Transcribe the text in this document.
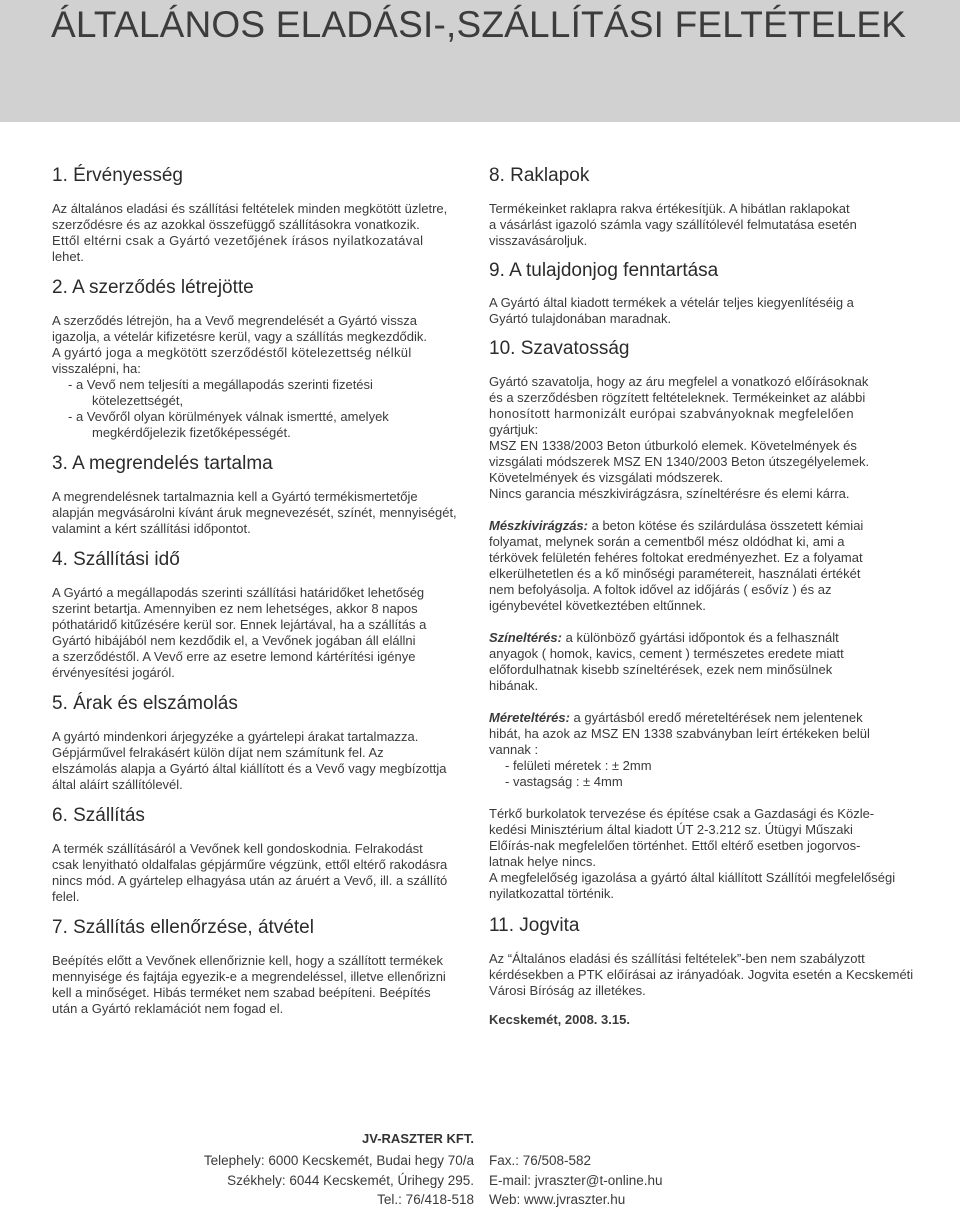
ÁLTALÁNOS ELADÁSI-,SZÁLLÍTÁSI FELTÉTELEK
1. Érvényesség
Az általános eladási és szállítási feltételek minden megkötött üzletre,
szerződésre és az azokkal összefüggő szállításokra vonatkozik.
Ettől eltérni csak a Gyártó vezetőjének írásos nyilatkozatával
lehet.
2. A szerződés létrejötte
A szerződés létrejön, ha a Vevő megrendelését a Gyártó vissza
igazolja, a vételár kifizetésre kerül, vagy a szállítás megkezdődik.
A gyártó joga a megkötött szerződéstől kötelezettség nélkül
visszalépni, ha:
- a Vevő nem teljesíti a megállapodás szerinti fizetési
kötelezettségét,
- a Vevőről olyan körülmények válnak ismertté, amelyek
megkérdőjelezik fizetőképességét.
3. A megrendelés tartalma
A megrendelésnek tartalmaznia kell a Gyártó termékismertetője
alapján megvásárolni kívánt áruk megnevezését, színét, mennyiségét,
valamint a kért szállítási időpontot.
4. Szállítási idő
A Gyártó a megállapodás szerinti szállítási határidőket lehetőség
szerint betartja. Amennyiben ez nem lehetséges, akkor 8 napos
póthatáridő kitűzésére kerül sor. Ennek lejártával, ha a szállítás a
Gyártó hibájából nem kezdődik el, a Vevőnek jogában áll elállni
a szerződéstől. A Vevő erre az esetre lemond kártérítési igénye
érvényesítési jogáról.
5. Árak és elszámolás
A gyártó mindenkori árjegyzéke a gyártelepi árakat tartalmazza.
Gépjárművel felrakásért külön díjat nem számítunk fel. Az
elszámolás alapja a Gyártó által kiállított és a Vevő vagy megbízottja
által aláírt szállítólevél.
6. Szállítás
A termék szállításáról a Vevőnek kell gondoskodnia. Felrakodást
csak lenyitható oldalfalas gépjárműre végzünk, ettől eltérő rakodásra
nincs mód. A gyártelep elhagyása után az áruért a Vevő, ill. a szállító
felel.
7. Szállítás ellenőrzése, átvétel
Beépítés előtt a Vevőnek ellenőriznie kell, hogy a szállított termékek
mennyisége és fajtája egyezik-e a megrendeléssel, illetve ellenőrizni
kell a minőséget. Hibás terméket nem szabad beépíteni. Beépítés
után a Gyártó reklamációt nem fogad el.
8. Raklapok
Termékeinket raklapra rakva értékesítjük. A hibátlan raklapokat
a vásárlást igazoló számla vagy szállítólevél felmutatása esetén
visszavásároljuk.
9. A tulajdonjog fenntartása
A Gyártó által kiadott termékek a vételár teljes kiegyenlítéséig a
Gyártó tulajdonában maradnak.
10. Szavatosság
Gyártó szavatolja, hogy az áru megfelel a vonatkozó előírásoknak
és a szerződésben rögzített feltételeknek. Termékeinket az alábbi
honosított harmonizált európai szabványoknak megfelelően
gyártjuk:
MSZ EN 1338/2003 Beton útburkoló elemek. Követelmények és
vizsgálati módszerek MSZ EN 1340/2003 Beton útszegélyelemek.
Követelmények és vizsgálati módszerek.
Nincs garancia mészkivirágzásra, színeltérésre és elemi kárra.
Mészkivirágzás: a beton kötése és szilárdulása összetett kémiai
folyamat, melynek során a cementből mész oldódhat ki, ami a
térkövek felületén fehéres foltokat eredményezhet. Ez a folyamat
elkerülhetetlen és a kő minőségi paramétereit, használati értékét
nem befolyásolja. A foltok idővel az időjárás ( esővíz ) és az
igénybevétel következtében eltűnnek.
Színeltérés: a különböző gyártási időpontok és a felhasznált
anyagok ( homok, kavics, cement ) természetes eredete miatt
előfordulhatnak kisebb színeltérések, ezek nem minősülnek
hibának.
Méreteltérés: a gyártásból eredő méreteltérések nem jelentenek
hibát, ha azok az MSZ EN 1338 szabványban leírt értékeken belül
vannak :
- felületi méretek : ± 2mm
- vastagság : ± 4mm
Térkő burkolatok tervezése és építése csak a Gazdasági és Közle-
kedési Minisztérium által kiadott ÚT 2-3.212 sz. Útügyi Műszaki
Előírás-nak megfelelően történhet. Ettől eltérő esetben jogorvos-
latnak helye nincs.
A megfelelőség igazolása a gyártó által kiállított Szállítói megfelelőségi
nyilatkozattal történik.
11. Jogvita
Az “Általános eladási és szállítási feltételek”-ben nem szabályzott
kérdésekben a PTK előírásai az irányadóak. Jogvita esetén a Kecskeméti
Városi Bíróság az illetékes.
Kecskemét, 2008. 3.15.
JV-RASZTER KFT.
Telephely: 6000 Kecskemét, Budai hegy 70/a
Székhely: 6044 Kecskemét, Úrihegy 295.
Tel.: 76/418-518
Fax.: 76/508-582
E-mail: jvraszter@t-online.hu
Web: www.jvraszter.hu
